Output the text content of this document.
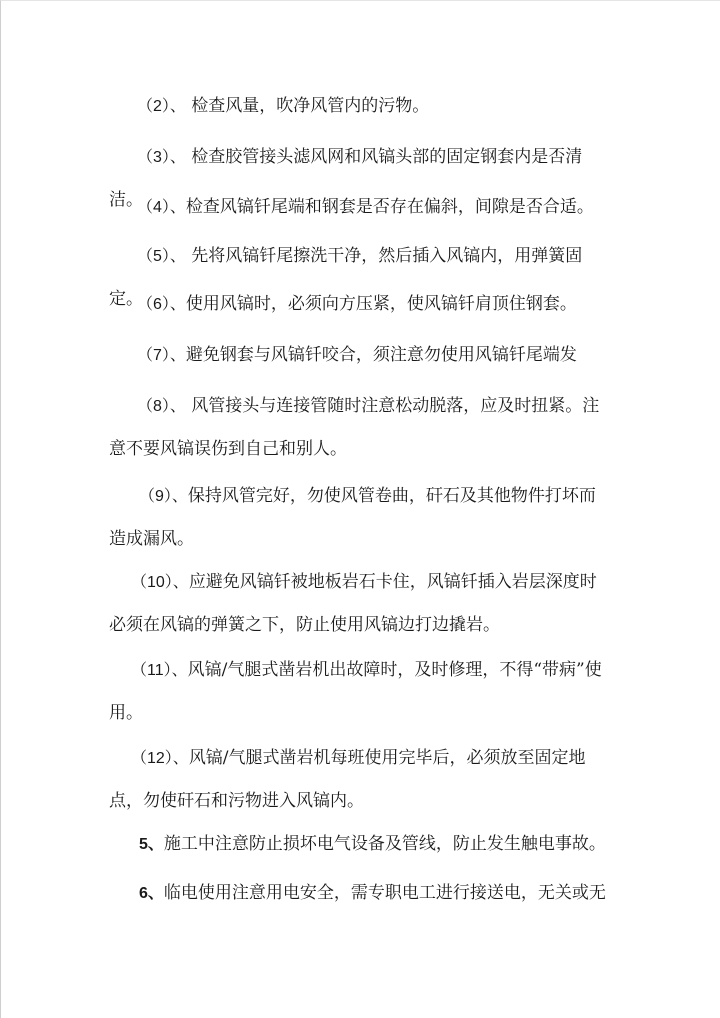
（2）、 检查风量，吹净风管内的污物。

（3）、 检查胶管接头滤风网和风镐头部的固定钢套内是否清洁。

（4）、检查风镐钎尾端和钢套是否存在偏斜，间隙是否合适。

（5）、 先将风镐钎尾擦洗干净，然后插入风镐内，用弹簧固定。

（6）、使用风镐时，必须向方压紧，使风镐钎肩顶住钢套。

（7）、避免钢套与风镐钎咬合，须注意勿使用风镐钎尾端发

（8）、 风管接头与连接管随时注意松动脱落，应及时扭紧。注意不要风镐误伤到自己和别人。

（9）、保持风管完好，勿使风管卷曲，矸石及其他物件打坏而造成漏风。

（10）、应避免风镐钎被地板岩石卡住，风镐钎插入岩层深度时必须在风镐的弹簧之下，防止使用风镐边打边撬岩。

（11）、风镐/气腿式凿岩机出故障时，及时修理，不得“带病”使用。

（12）、风镐/气腿式凿岩机每班使用完毕后，必须放至固定地点，勿使矸石和污物进入风镐内。

5、施工中注意防止损坏电气设备及管线，防止发生触电事故。

6、临电使用注意用电安全，需专职电工进行接送电，无关或无
